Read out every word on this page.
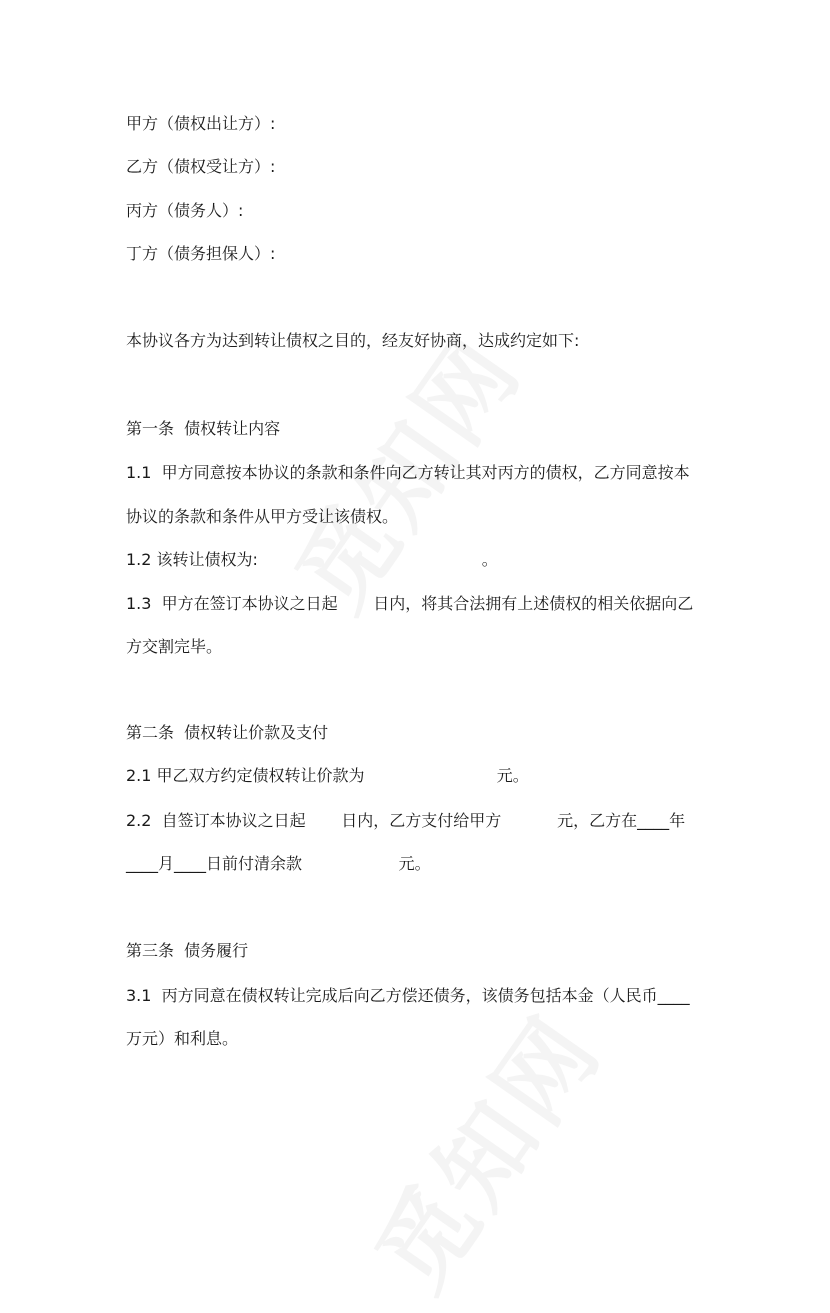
甲方（债权出让方）:

乙方（债权受让方）:

丙方（债务人）:

丁方（债务担保人）:

本协议各方为达到转让债权之目的，经友好协商，达成约定如下:

第一条  债权转让内容

1.1  甲方同意按本协议的条款和条件向乙方转让其对丙方的债权，乙方同意按本

协议的条款和条件从甲方受让该债权。

1.2 该转让债权为:                                            。

1.3  甲方在签订本协议之日起       日内，将其合法拥有上述债权的相关依据向乙

方交割完毕。

第二条  债权转让价款及支付

2.1 甲乙双方约定债权转让价款为                          元。

2.2  自签订本协议之日起       日内，乙方支付给甲方           元，乙方在____年

____月____日前付清余款                   元。

第三条  债务履行

3.1  丙方同意在债权转让完成后向乙方偿还债务，该债务包括本金（人民币____

万元）和利息。
